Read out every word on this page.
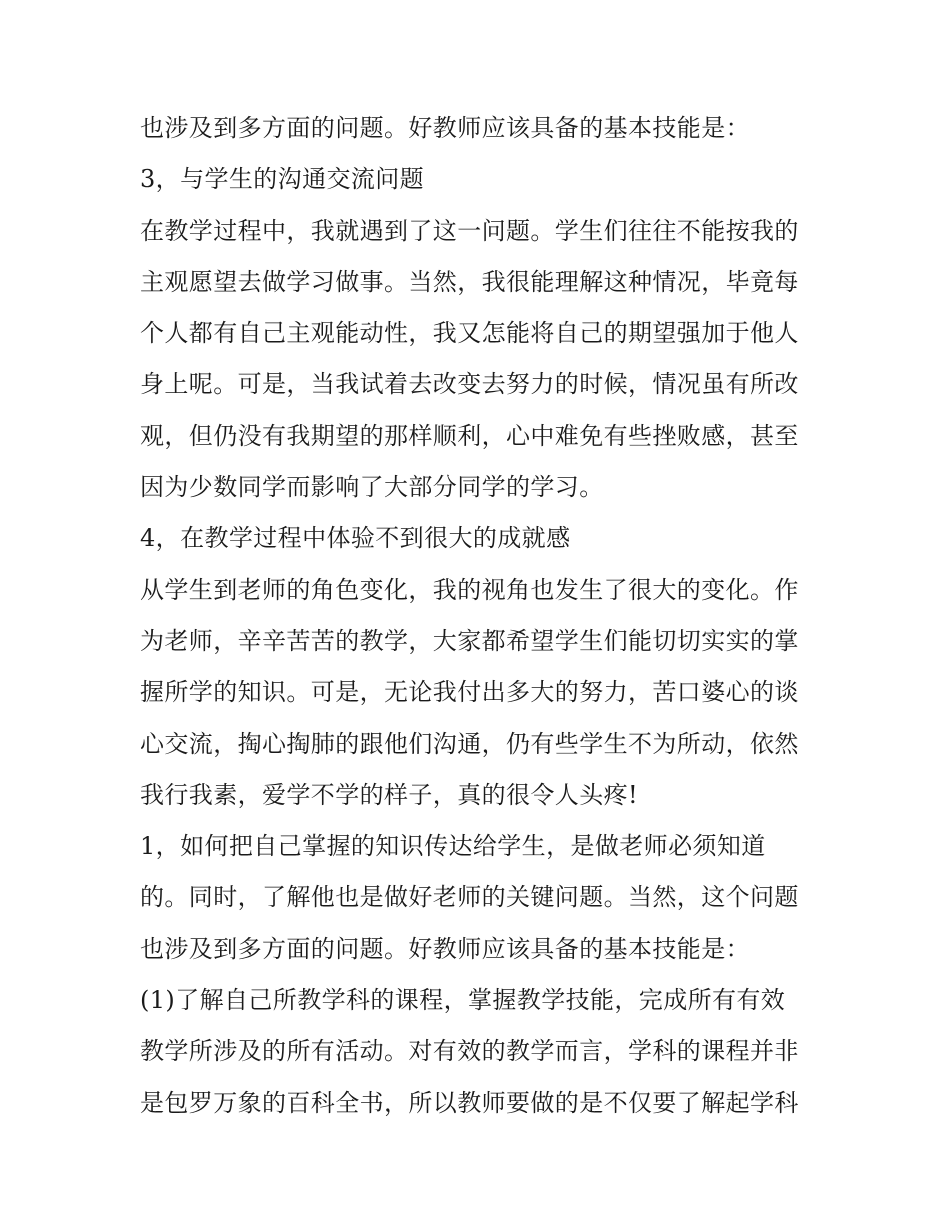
也涉及到多方面的问题。好教师应该具备的基本技能是：
3，与学生的沟通交流问题
在教学过程中，我就遇到了这一问题。学生们往往不能按我的
主观愿望去做学习做事。当然，我很能理解这种情况，毕竟每
个人都有自己主观能动性，我又怎能将自己的期望强加于他人
身上呢。可是，当我试着去改变去努力的时候，情况虽有所改
观，但仍没有我期望的那样顺利，心中难免有些挫败感，甚至
因为少数同学而影响了大部分同学的学习。
4，在教学过程中体验不到很大的成就感
从学生到老师的角色变化，我的视角也发生了很大的变化。作
为老师，辛辛苦苦的教学，大家都希望学生们能切切实实的掌
握所学的知识。可是，无论我付出多大的努力，苦口婆心的谈
心交流，掏心掏肺的跟他们沟通，仍有些学生不为所动，依然
我行我素，爱学不学的样子，真的很令人头疼!
1，如何把自己掌握的知识传达给学生，是做老师必须知道
的。同时，了解他也是做好老师的关键问题。当然，这个问题
也涉及到多方面的问题。好教师应该具备的基本技能是：
(1)了解自己所教学科的课程，掌握教学技能，完成所有有效
教学所涉及的所有活动。对有效的教学而言，学科的课程并非
是包罗万象的百科全书，所以教师要做的是不仅要了解起学科
